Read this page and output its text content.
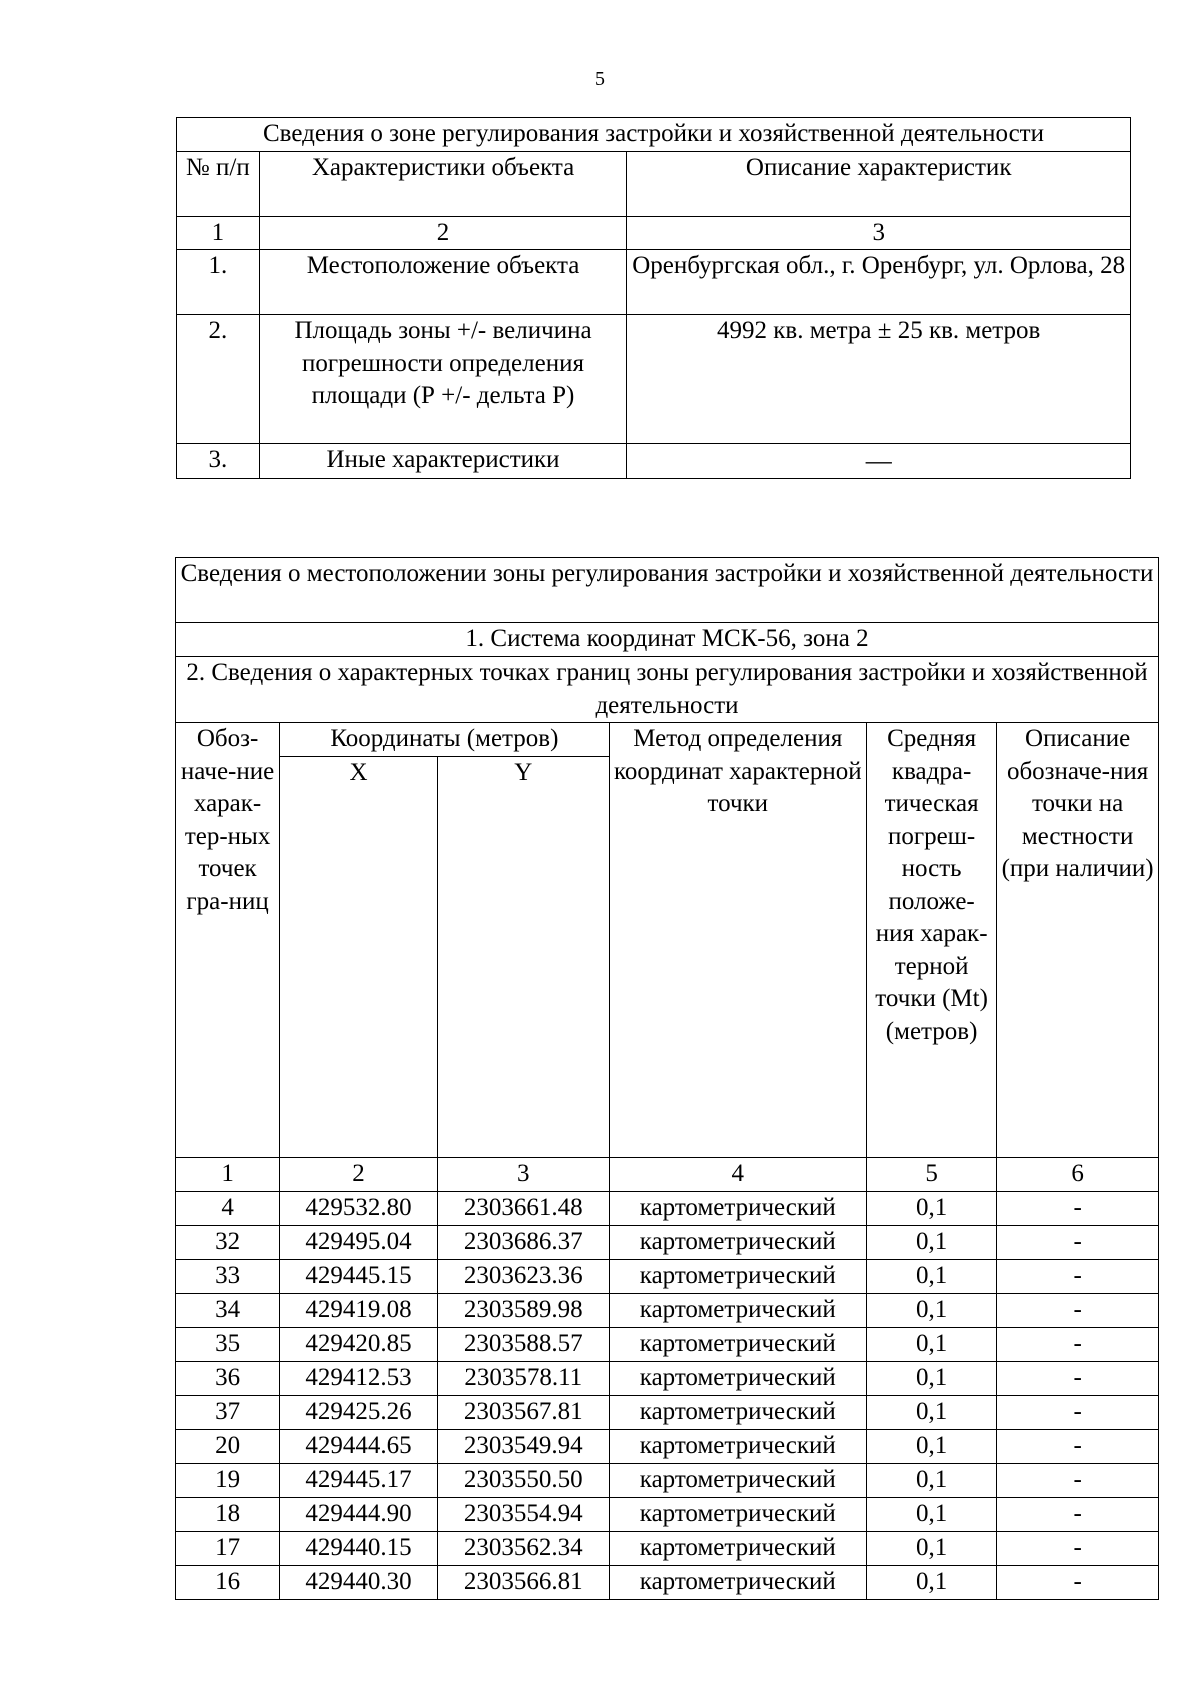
5
Сведения о зоне регулирования застройки и хозяйственной деятельности		
№ п/п	Характеристики объекта	Описание характеристик
1	2	3
1.	Местоположение объекта	Оренбургская обл., г. Оренбург, ул. Орлова, 28
2.	Площадь зоны +/- величина погрешности определения площади (Р +/- дельта Р)	4992 кв. метра ± 25 кв. метров
3.	Иные характеристики	—
Сведения о местоположении зоны регулирования застройки и хозяйственной деятельности					
1. Система координат МСК-56, зона 2					
2. Сведения о характерных точках границ зоны регулирования застройки и хозяйственной деятельности					
Обоз-наче-ние харак-тер-ных точек гра-ниц	Координаты (метров)		Метод определения координат характерной точки	Средняя квадра-тическая погреш-ность положе-ния харак-терной точки (Mt) (метров)	Описание обозначе-ния точки на местности (при наличии)
	X	Y			
1	2	3	4	5	6
4	429532.80	2303661.48	картометрический	0,1	-
32	429495.04	2303686.37	картометрический	0,1	-
33	429445.15	2303623.36	картометрический	0,1	-
34	429419.08	2303589.98	картометрический	0,1	-
35	429420.85	2303588.57	картометрический	0,1	-
36	429412.53	2303578.11	картометрический	0,1	-
37	429425.26	2303567.81	картометрический	0,1	-
20	429444.65	2303549.94	картометрический	0,1	-
19	429445.17	2303550.50	картометрический	0,1	-
18	429444.90	2303554.94	картометрический	0,1	-
17	429440.15	2303562.34	картометрический	0,1	-
16	429440.30	2303566.81	картометрический	0,1	-
